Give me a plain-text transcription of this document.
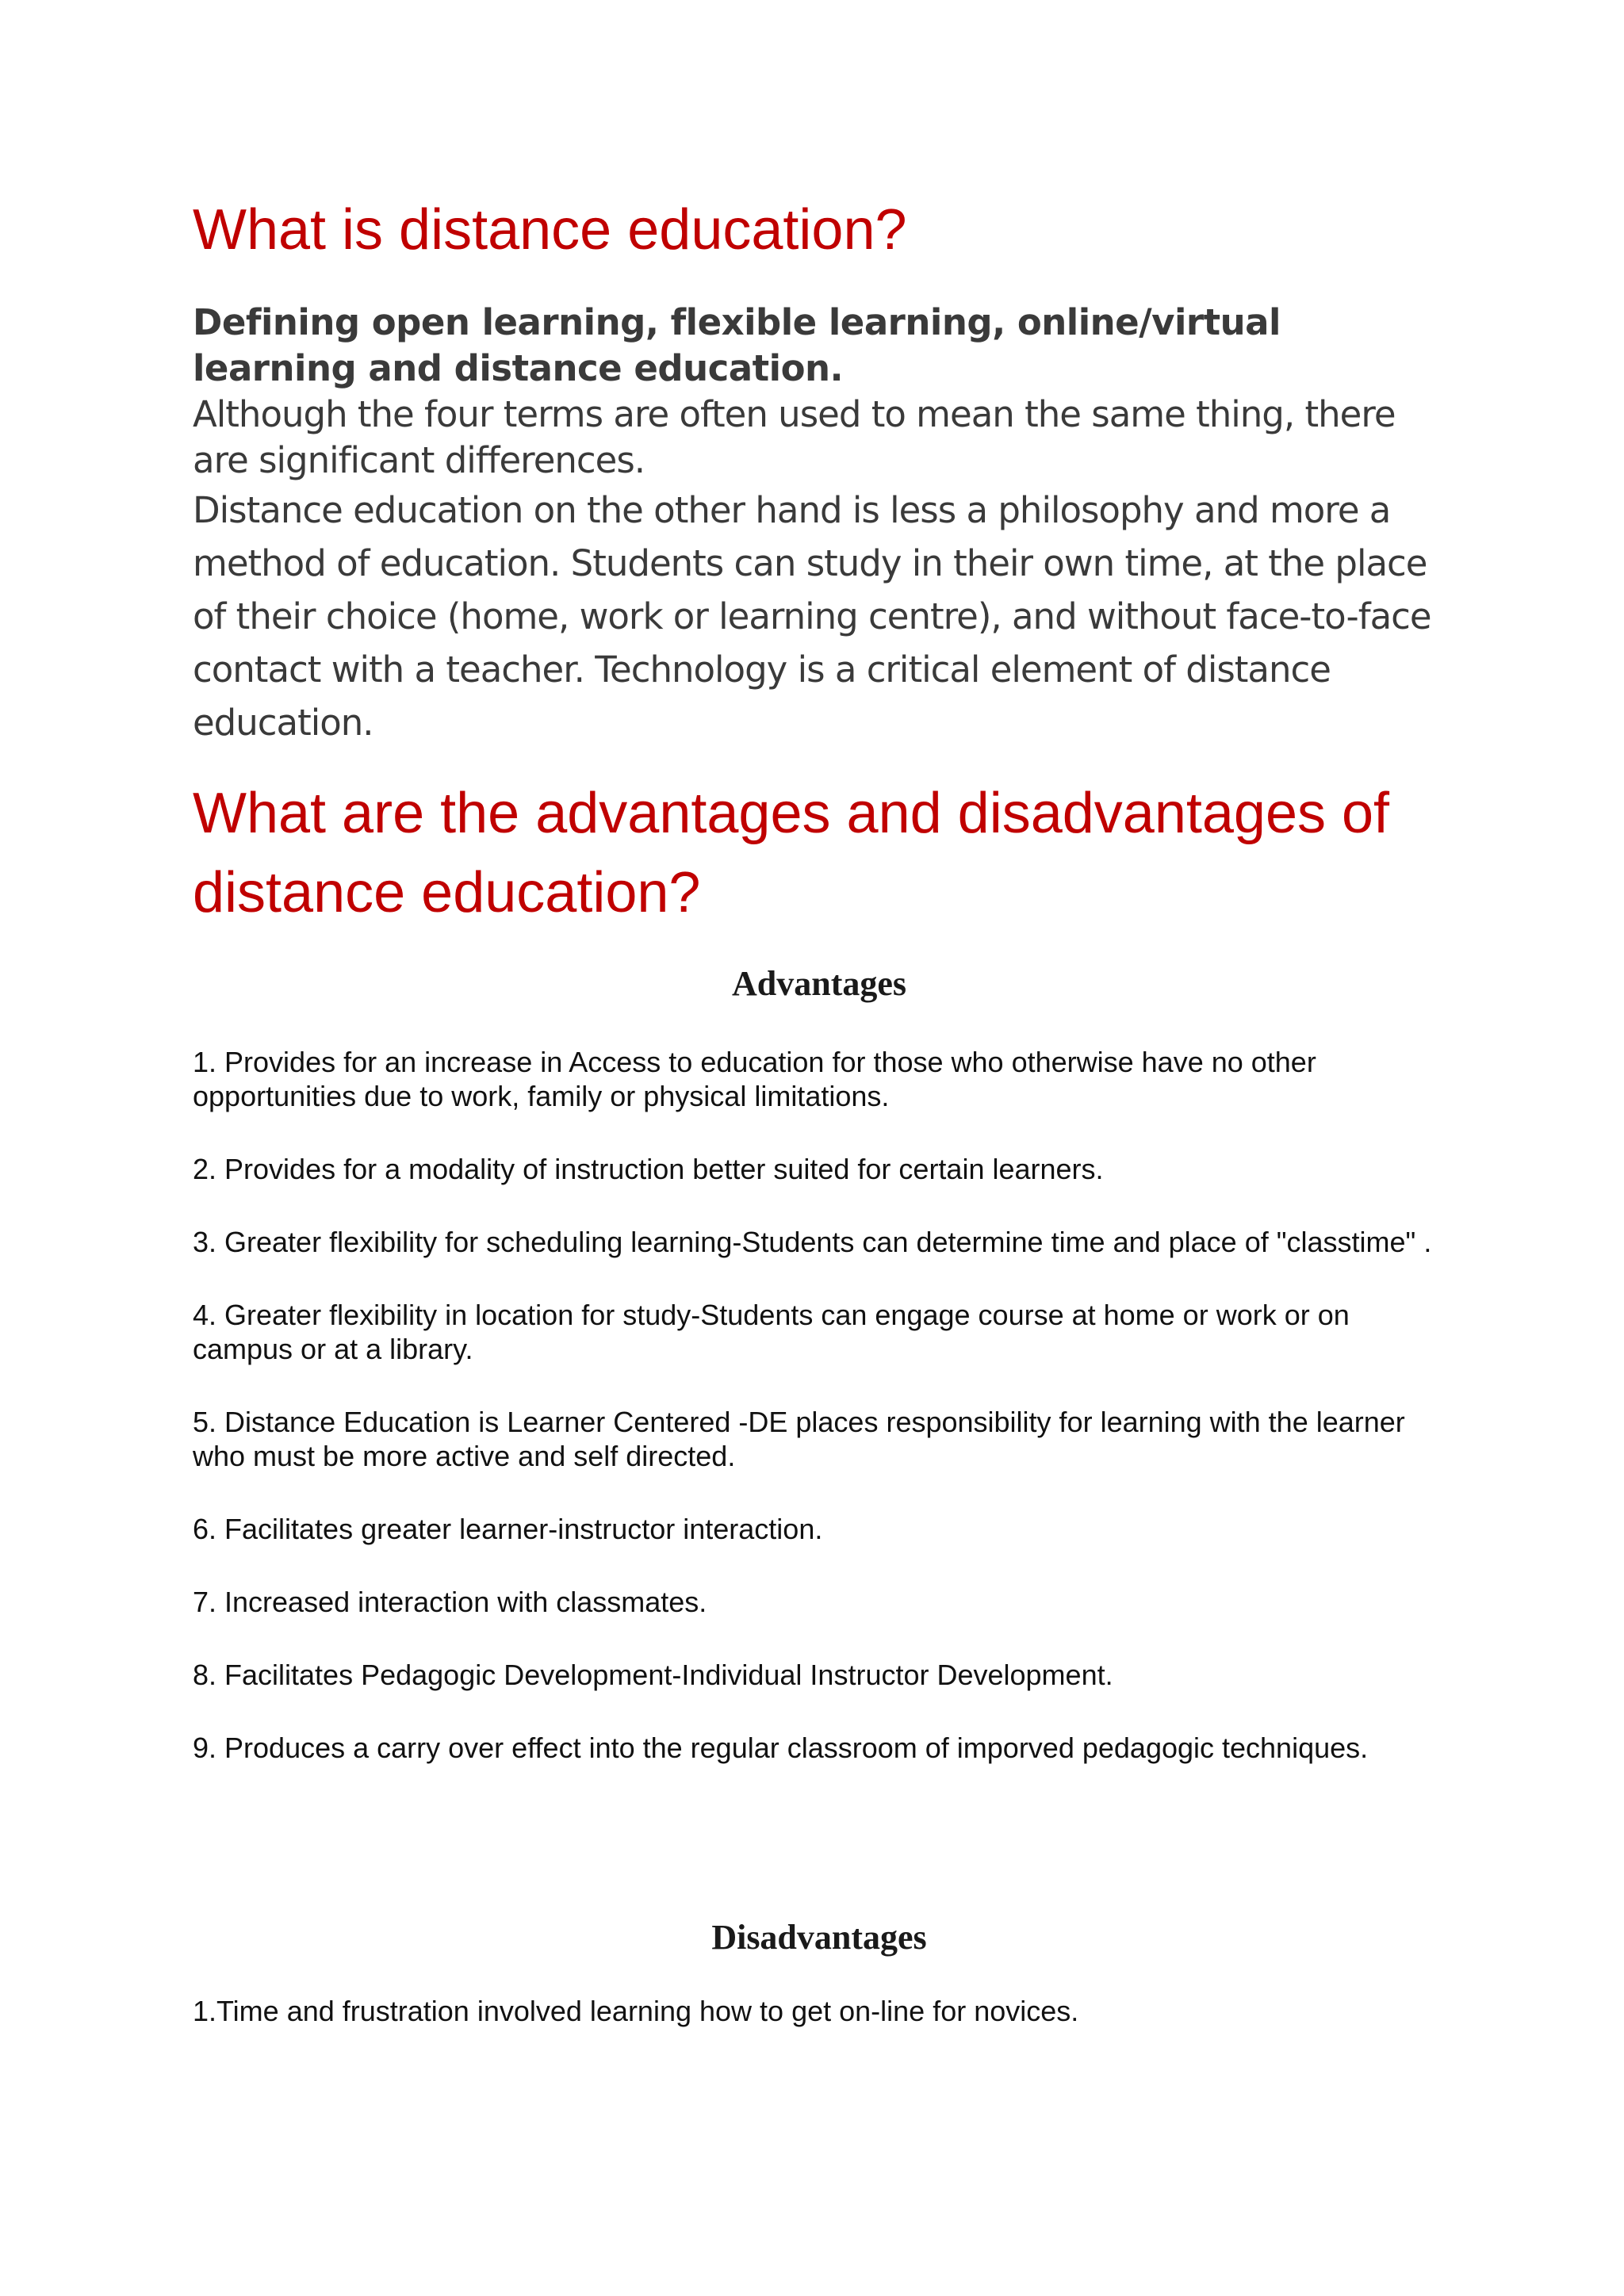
What is distance education?
Defining open learning, flexible learning, online/virtual learning and distance education.
Although the four terms are often used to mean the same thing, there are significant differences.
Distance education on the other hand is less a philosophy and more a method of education. Students can study in their own time, at the place of their choice (home, work or learning centre), and without face-to-face contact with a teacher. Technology is a critical element of distance education.
What are the advantages and disadvantages of distance education?
Advantages
1. Provides for an increase in Access to education for those who otherwise have no other opportunities due to work, family or physical limitations.
2. Provides for a modality of instruction better suited for certain learners.
3. Greater flexibility for scheduling learning-Students can determine time and place of "classtime" .
4. Greater flexibility in location for study-Students can engage course at home or work or on campus or at a library.
5. Distance Education is Learner Centered -DE places responsibility for learning with the learner who must be more active and self directed.
6. Facilitates greater learner-instructor interaction.
7. Increased interaction with classmates.
8. Facilitates Pedagogic Development-Individual Instructor Development.
9. Produces a carry over effect into the regular classroom of imporved pedagogic techniques.
Disadvantages
1.Time and frustration involved learning how to get on-line for novices.
